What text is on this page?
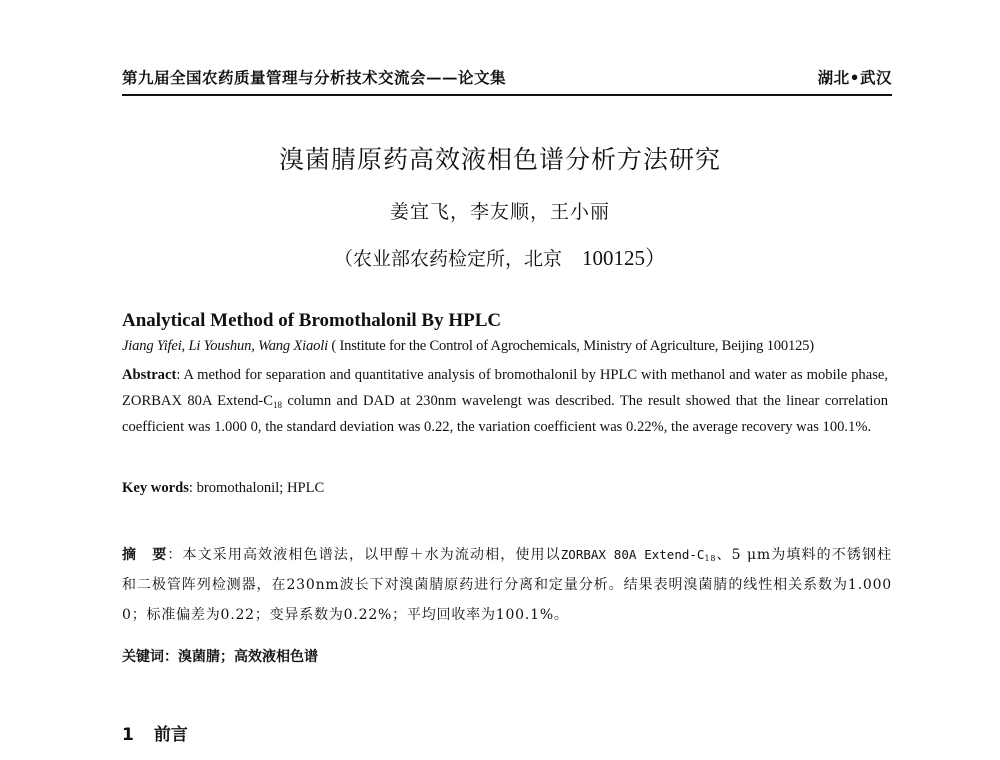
第九届全国农药质量管理与分析技术交流会——论文集	湖北•武汉
溴菌腈原药高效液相色谱分析方法研究
姜宜飞，李友顺，王小丽
（农业部农药检定所，北京 100125）
Analytical Method of Bromothalonil By HPLC
Jiang Yifei, Li Youshun, Wang Xiaoli ( Institute for the Control of Agrochemicals, Ministry of Agriculture, Beijing 100125)
Abstract: A method for separation and quantitative analysis of bromothalonil by HPLC with methanol and water as mobile phase, ZORBAX 80A Extend-$C_{18}$ column and DAD at 230nm wavelengt was described. The result showed that the linear correlation coefficient was 1.000 0, the standard deviation was 0.22, the variation coefficient was 0.22%, the average recovery was 100.1%.
Key words: bromothalonil; HPLC
摘　要：本文采用高效液相色谱法，以甲醇＋水为流动相，使用以ZORBAX 80A Extend-$C_{18}$、5 μm为填料的不锈钢柱和二极管阵列检测器，在230nm波长下对溴菌腈原药进行分离和定量分析。结果表明溴菌腈的线性相关系数为1.000 0；标准偏差为0.22；变异系数为0.22%；平均回收率为100.1%。
关键词：溴菌腈；高效液相色谱
1 前言
